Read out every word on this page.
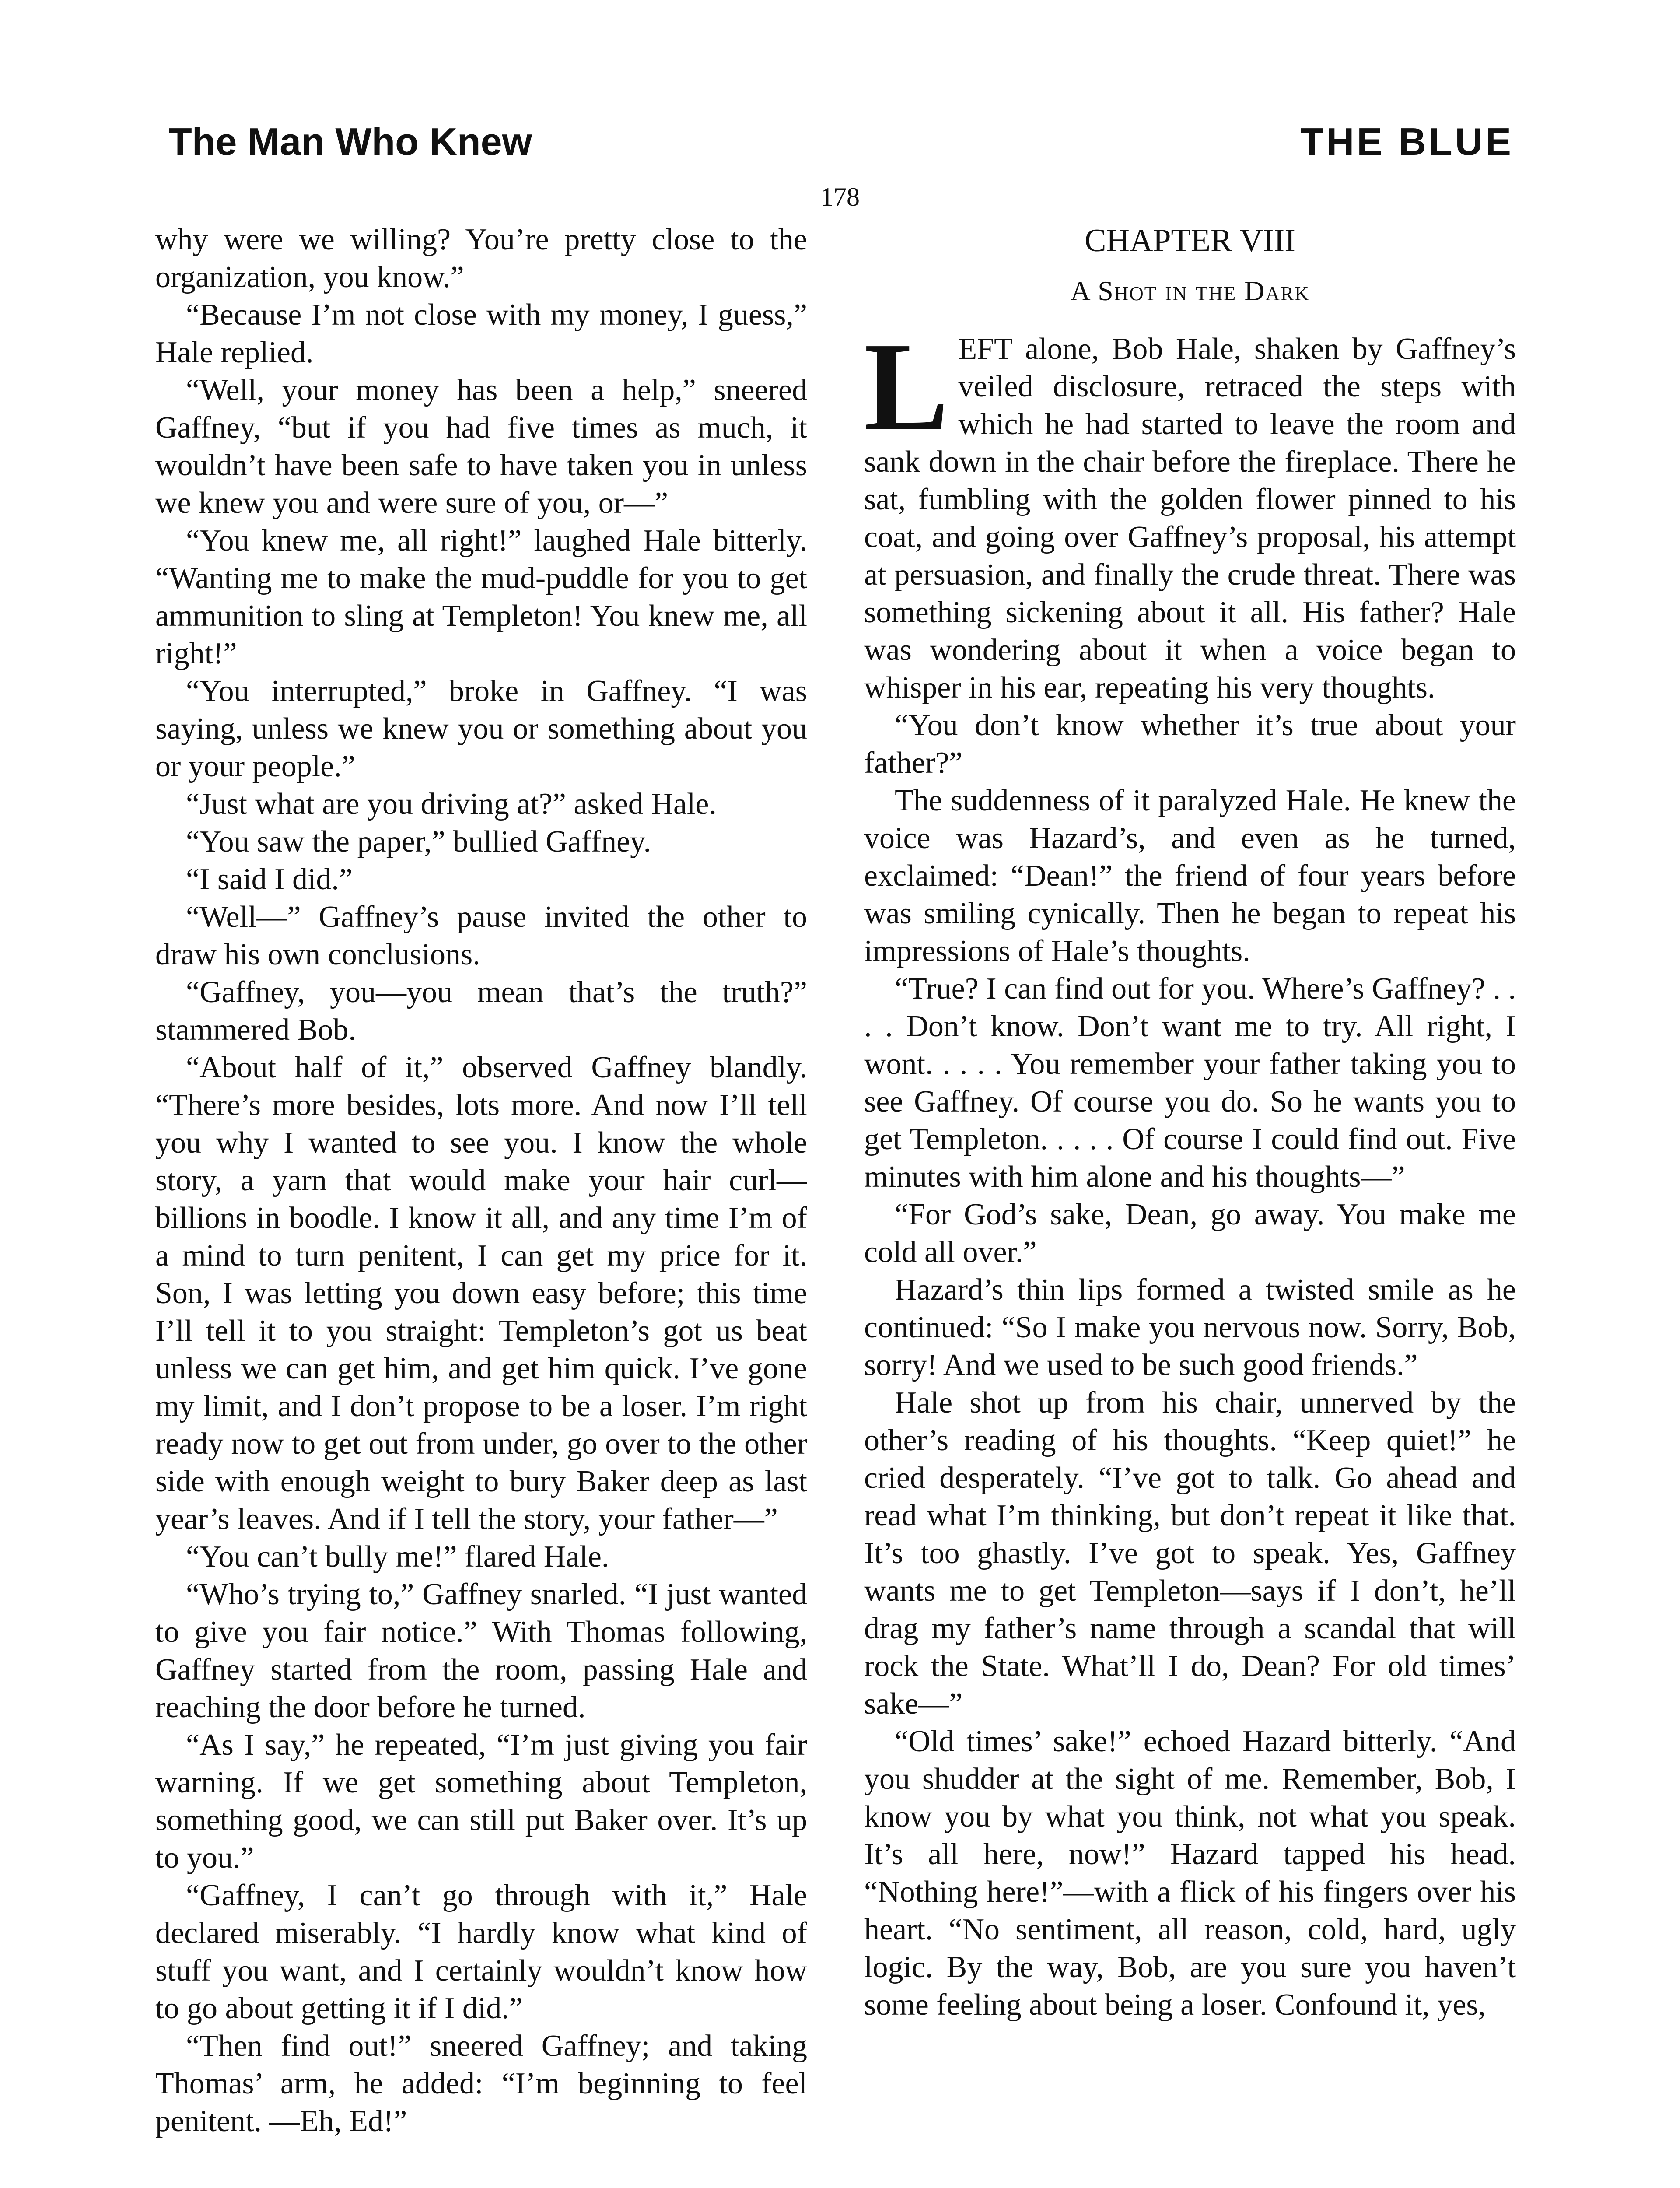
The Man Who Knew	THE BLUE
178

why were we willing? You’re pretty close to the organization, you know.”

“Because I’m not close with my money, I guess,” Hale replied.

“Well, your money has been a help,” sneered Gaffney, “but if you had five times as much, it wouldn’t have been safe to have taken you in unless we knew you and were sure of you, or—”

“You knew me, all right!” laughed Hale bitterly. “Wanting me to make the mud-puddle for you to get ammunition to sling at Templeton! You knew me, all right!”

“You interrupted,” broke in Gaffney. “I was saying, unless we knew you or something about you or your people.”

“Just what are you driving at?” asked Hale.

“You saw the paper,” bullied Gaffney.

“I said I did.”

“Well—” Gaffney’s pause invited the other to draw his own conclusions.

“Gaffney, you—you mean that’s the truth?” stammered Bob.

“About half of it,” observed Gaffney blandly. “There’s more besides, lots more. And now I’ll tell you why I wanted to see you. I know the whole story, a yarn that would make your hair curl—billions in boodle. I know it all, and any time I’m of a mind to turn penitent, I can get my price for it. Son, I was letting you down easy before; this time I’ll tell it to you straight: Templeton’s got us beat unless we can get him, and get him quick. I’ve gone my limit, and I don’t propose to be a loser. I’m right ready now to get out from under, go over to the other side with enough weight to bury Baker deep as last year’s leaves. And if I tell the story, your father—”

“You can’t bully me!” flared Hale.

“Who’s trying to,” Gaffney snarled. “I just wanted to give you fair notice.” With Thomas following, Gaffney started from the room, passing Hale and reaching the door before he turned.

“As I say,” he repeated, “I’m just giving you fair warning. If we get something about Templeton, something good, we can still put Baker over. It’s up to you.”

“Gaffney, I can’t go through with it,” Hale declared miserably. “I hardly know what kind of stuff you want, and I certainly wouldn’t know how to go about getting it if I did.”

“Then find out!” sneered Gaffney; and taking Thomas’ arm, he added: “I’m beginning to feel penitent. —Eh, Ed!”

CHAPTER VIII
A Shot in the Dark

LEFT alone, Bob Hale, shaken by Gaffney’s veiled disclosure, retraced the steps with which he had started to leave the room and sank down in the chair before the fireplace. There he sat, fumbling with the golden flower pinned to his coat, and going over Gaffney’s proposal, his attempt at persuasion, and finally the crude threat. There was something sickening about it all. His father? Hale was wondering about it when a voice began to whisper in his ear, repeating his very thoughts.

“You don’t know whether it’s true about your father?”

The suddenness of it paralyzed Hale. He knew the voice was Hazard’s, and even as he turned, exclaimed: “Dean!” the friend of four years before was smiling cynically. Then he began to repeat his impressions of Hale’s thoughts.

“True? I can find out for you. Where’s Gaffney? . . . . Don’t know. Don’t want me to try. All right, I wont. . . . . You remember your father taking you to see Gaffney. Of course you do. So he wants you to get Templeton. . . . . Of course I could find out. Five minutes with him alone and his thoughts—”

“For God’s sake, Dean, go away. You make me cold all over.”

Hazard’s thin lips formed a twisted smile as he continued: “So I make you nervous now. Sorry, Bob, sorry! And we used to be such good friends.”

Hale shot up from his chair, unnerved by the other’s reading of his thoughts. “Keep quiet!” he cried desperately. “I’ve got to talk. Go ahead and read what I’m thinking, but don’t repeat it like that. It’s too ghastly. I’ve got to speak. Yes, Gaffney wants me to get Templeton—says if I don’t, he’ll drag my father’s name through a scandal that will rock the State. What’ll I do, Dean? For old times’ sake—”

“Old times’ sake!” echoed Hazard bitterly. “And you shudder at the sight of me. Remember, Bob, I know you by what you think, not what you speak. It’s all here, now!” Hazard tapped his head. “Nothing here!”—with a flick of his fingers over his heart. “No sentiment, all reason, cold, hard, ugly logic. By the way, Bob, are you sure you haven’t some feeling about being a loser. Confound it, yes,
